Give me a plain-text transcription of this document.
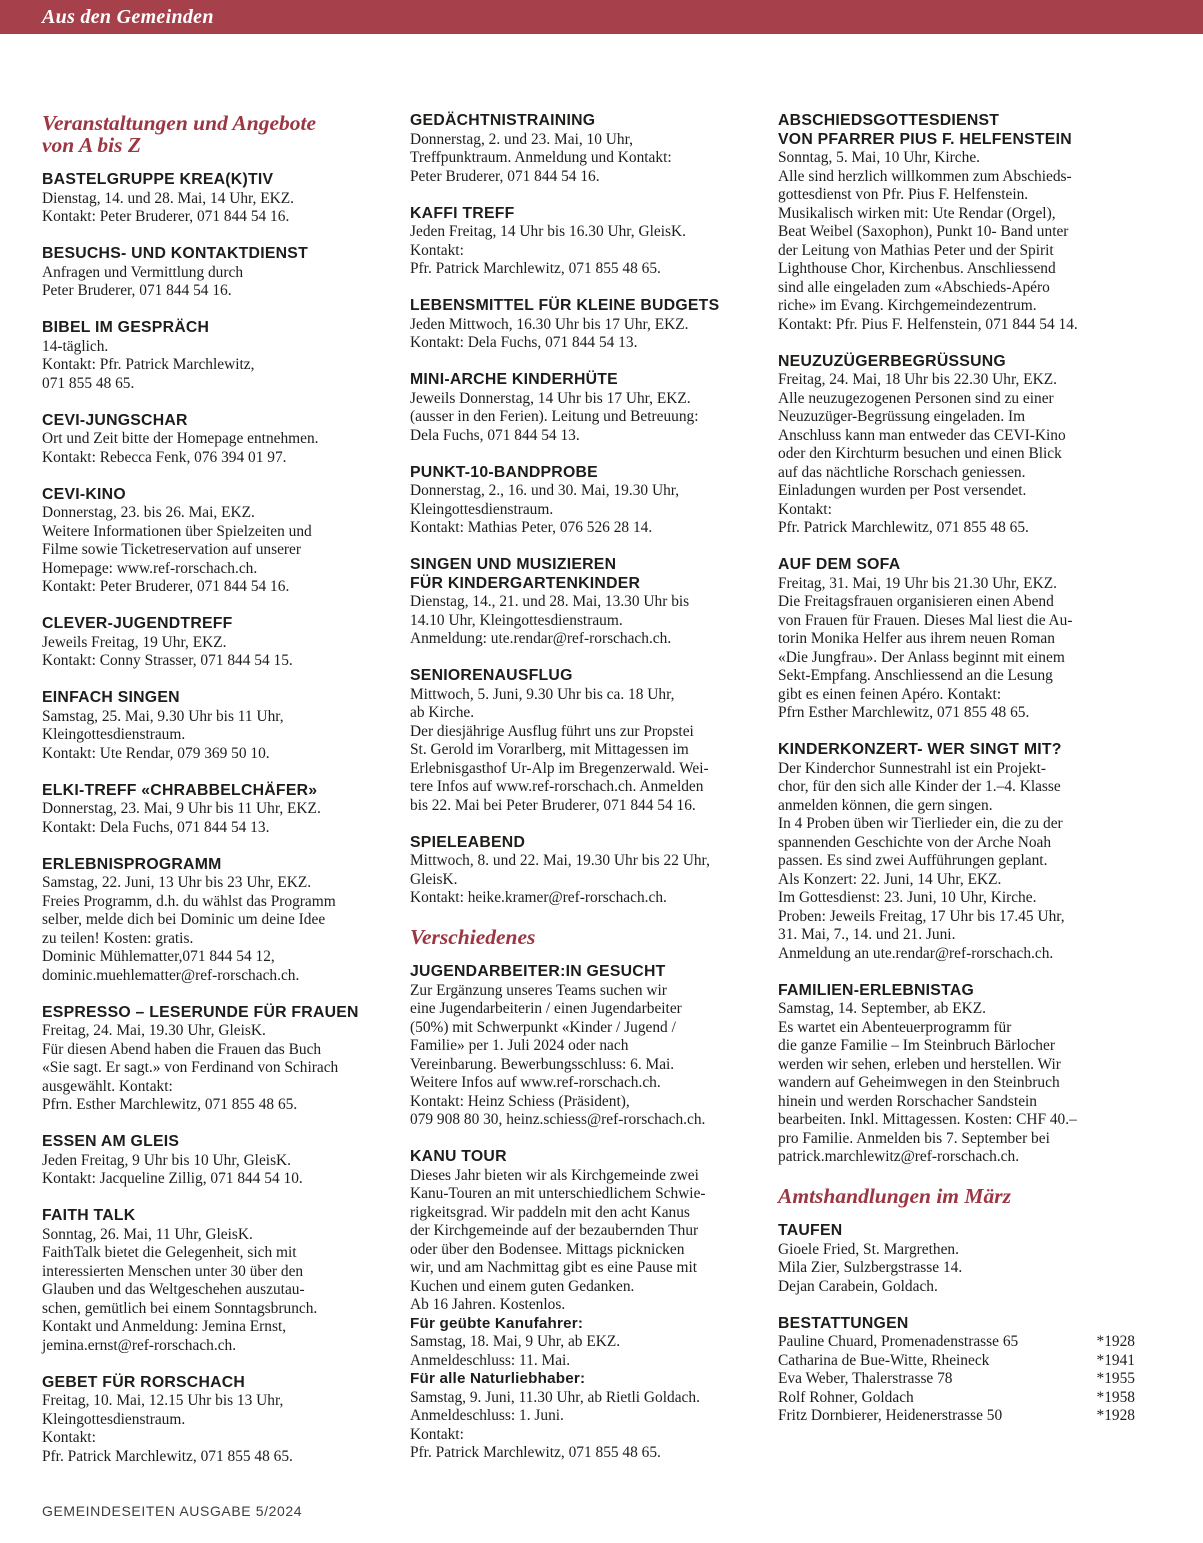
Aus den Gemeinden
Veranstaltungen und Angebote
von A bis Z
BASTELGRUPPE KREA(K)TIV
Dienstag, 14. und 28. Mai, 14 Uhr, EKZ.
Kontakt: Peter Bruderer, 071 844 54 16.
BESUCHS- UND KONTAKTDIENST
Anfragen und Vermittlung durch
Peter Bruderer, 071 844 54 16.
BIBEL IM GESPRÄCH
14-täglich.
Kontakt: Pfr. Patrick Marchlewitz,
071 855 48 65.
CEVI-JUNGSCHAR
Ort und Zeit bitte der Homepage entnehmen.
Kontakt: Rebecca Fenk, 076 394 01 97.
CEVI-KINO
Donnerstag, 23. bis 26. Mai, EKZ.
Weitere Informationen über Spielzeiten und
Filme sowie Ticketreservation auf unserer
Homepage: www.ref-rorschach.ch.
Kontakt: Peter Bruderer, 071 844 54 16.
CLEVER-JUGENDTREFF
Jeweils Freitag, 19 Uhr, EKZ.
Kontakt: Conny Strasser, 071 844 54 15.
EINFACH SINGEN
Samstag, 25. Mai, 9.30 Uhr bis 11 Uhr,
Kleingottesdienstraum.
Kontakt: Ute Rendar, 079 369 50 10.
ELKI-TREFF «CHRABBELCHÄFER»
Donnerstag, 23. Mai, 9 Uhr bis 11 Uhr, EKZ.
Kontakt: Dela Fuchs, 071 844 54 13.
ERLEBNISPROGRAMM
Samstag, 22. Juni, 13 Uhr bis 23 Uhr, EKZ.
Freies Programm, d.h. du wählst das Programm
selber, melde dich bei Dominic um deine Idee
zu teilen! Kosten: gratis.
Dominic Mühlematter,071 844 54 12,
dominic.muehlematter@ref-rorschach.ch.
ESPRESSO – LESERUNDE FÜR FRAUEN
Freitag, 24. Mai, 19.30 Uhr, GleisK.
Für diesen Abend haben die Frauen das Buch
«Sie sagt. Er sagt.» von Ferdinand von Schirach
ausgewählt. Kontakt:
Pfrn. Esther Marchlewitz, 071 855 48 65.
ESSEN AM GLEIS
Jeden Freitag, 9 Uhr bis 10 Uhr, GleisK.
Kontakt: Jacqueline Zillig, 071 844 54 10.
FAITH TALK
Sonntag, 26. Mai, 11 Uhr, GleisK.
FaithTalk bietet die Gelegenheit, sich mit
interessierten Menschen unter 30 über den
Glauben und das Weltgeschehen auszutau-
schen, gemütlich bei einem Sonntagsbrunch.
Kontakt und Anmeldung: Jemina Ernst,
jemina.ernst@ref-rorschach.ch.
GEBET FÜR RORSCHACH
Freitag, 10. Mai, 12.15 Uhr bis 13 Uhr,
Kleingottesdienstraum.
Kontakt:
Pfr. Patrick Marchlewitz, 071 855 48 65.
GEDÄCHTNISTRAINING
Donnerstag, 2. und 23. Mai, 10 Uhr,
Treffpunktraum. Anmeldung und Kontakt:
Peter Bruderer, 071 844 54 16.
KAFFI TREFF
Jeden Freitag, 14 Uhr bis 16.30 Uhr, GleisK.
Kontakt:
Pfr. Patrick Marchlewitz, 071 855 48 65.
LEBENSMITTEL FÜR KLEINE BUDGETS
Jeden Mittwoch, 16.30 Uhr bis 17 Uhr, EKZ.
Kontakt: Dela Fuchs, 071 844 54 13.
MINI-ARCHE KINDERHÜTE
Jeweils Donnerstag, 14 Uhr bis 17 Uhr, EKZ.
(ausser in den Ferien). Leitung und Betreuung:
Dela Fuchs, 071 844 54 13.
PUNKT-10-BANDPROBE
Donnerstag, 2., 16. und 30. Mai, 19.30 Uhr,
Kleingottesdienstraum.
Kontakt: Mathias Peter, 076 526 28 14.
SINGEN UND MUSIZIEREN
FÜR KINDERGARTENKINDER
Dienstag, 14., 21. und 28. Mai, 13.30 Uhr bis
14.10 Uhr, Kleingottesdienstraum.
Anmeldung: ute.rendar@ref-rorschach.ch.
SENIORENAUSFLUG
Mittwoch, 5. Juni, 9.30 Uhr bis ca. 18 Uhr,
ab Kirche.
Der diesjährige Ausflug führt uns zur Propstei
St. Gerold im Vorarlberg, mit Mittagessen im
Erlebnisgasthof Ur-Alp im Bregenzerwald. Wei-
tere Infos auf www.ref-rorschach.ch. Anmelden
bis 22. Mai bei Peter Bruderer, 071 844 54 16.
SPIELEABEND
Mittwoch, 8. und 22. Mai, 19.30 Uhr bis 22 Uhr,
GleisK.
Kontakt: heike.kramer@ref-rorschach.ch.
Verschiedenes
JUGENDARBEITER:IN GESUCHT
Zur Ergänzung unseres Teams suchen wir
eine Jugendarbeiterin / einen Jugendarbeiter
(50%) mit Schwerpunkt «Kinder / Jugend /
Familie» per 1. Juli 2024 oder nach
Vereinbarung. Bewerbungsschluss: 6. Mai.
Weitere Infos auf www.ref-rorschach.ch.
Kontakt: Heinz Schiess (Präsident),
079 908 80 30, heinz.schiess@ref-rorschach.ch.
KANU TOUR
Dieses Jahr bieten wir als Kirchgemeinde zwei
Kanu-Touren an mit unterschiedlichem Schwie-
rigkeitsgrad. Wir paddeln mit den acht Kanus
der Kirchgemeinde auf der bezaubernden Thur
oder über den Bodensee. Mittags picknicken
wir, und am Nachmittag gibt es eine Pause mit
Kuchen und einem guten Gedanken.
Ab 16 Jahren. Kostenlos.
Für geübte Kanufahrer:
Samstag, 18. Mai, 9 Uhr, ab EKZ.
Anmeldeschluss: 11. Mai.
Für alle Naturliebhaber:
Samstag, 9. Juni, 11.30 Uhr, ab Rietli Goldach.
Anmeldeschluss: 1. Juni.
Kontakt:
Pfr. Patrick Marchlewitz, 071 855 48 65.
ABSCHIEDSGOTTESDIENST
VON PFARRER PIUS F. HELFENSTEIN
Sonntag, 5. Mai, 10 Uhr, Kirche.
Alle sind herzlich willkommen zum Abschieds-
gottesdienst von Pfr. Pius F. Helfenstein.
Musikalisch wirken mit: Ute Rendar (Orgel),
Beat Weibel (Saxophon), Punkt 10- Band unter
der Leitung von Mathias Peter und der Spirit
Lighthouse Chor, Kirchenbus. Anschliessend
sind alle eingeladen zum «Abschieds-Apéro
riche» im Evang. Kirchgemeindezentrum.
Kontakt: Pfr. Pius F. Helfenstein, 071 844 54 14.
NEUZUZÜGERBEGRÜSSUNG
Freitag, 24. Mai, 18 Uhr bis 22.30 Uhr, EKZ.
Alle neuzugezogenen Personen sind zu einer
Neuzuzüger-Begrüssung eingeladen. Im
Anschluss kann man entweder das CEVI-Kino
oder den Kirchturm besuchen und einen Blick
auf das nächtliche Rorschach geniessen.
Einladungen wurden per Post versendet.
Kontakt:
Pfr. Patrick Marchlewitz, 071 855 48 65.
AUF DEM SOFA
Freitag, 31. Mai, 19 Uhr bis 21.30 Uhr, EKZ.
Die Freitagsfrauen organisieren einen Abend
von Frauen für Frauen. Dieses Mal liest die Au-
torin Monika Helfer aus ihrem neuen Roman
«Die Jungfrau». Der Anlass beginnt mit einem
Sekt-Empfang. Anschliessend an die Lesung
gibt es einen feinen Apéro. Kontakt:
Pfrn Esther Marchlewitz, 071 855 48 65.
KINDERKONZERT- WER SINGT MIT?
Der Kinderchor Sunnestrahl ist ein Projekt-
chor, für den sich alle Kinder der 1.–4. Klasse
anmelden können, die gern singen.
In 4 Proben üben wir Tierlieder ein, die zu der
spannenden Geschichte von der Arche Noah
passen. Es sind zwei Aufführungen geplant.
Als Konzert: 22. Juni, 14 Uhr, EKZ.
Im Gottesdienst: 23. Juni, 10 Uhr, Kirche.
Proben: Jeweils Freitag, 17 Uhr bis 17.45 Uhr,
31. Mai, 7., 14. und 21. Juni.
Anmeldung an ute.rendar@ref-rorschach.ch.
FAMILIEN-ERLEBNISTAG
Samstag, 14. September, ab EKZ.
Es wartet ein Abenteuerprogramm für
die ganze Familie – Im Steinbruch Bärlocher
werden wir sehen, erleben und herstellen. Wir
wandern auf Geheimwegen in den Steinbruch
hinein und werden Rorschacher Sandstein
bearbeiten. Inkl. Mittagessen. Kosten: CHF 40.–
pro Familie. Anmelden bis 7. September bei
patrick.marchlewitz@ref-rorschach.ch.
Amtshandlungen im März
TAUFEN
Gioele Fried, St. Margrethen.
Mila Zier, Sulzbergstrasse 14.
Dejan Carabein, Goldach.
BESTATTUNGEN
Pauline Chuard, Promenadenstrasse 65	*1928
Catharina de Bue-Witte, Rheineck	*1941
Eva Weber, Thalerstrasse 78	*1955
Rolf Rohner, Goldach	*1958
Fritz Dornbierer, Heidenerstrasse 50	*1928
GEMEINDESEITEN AUSGABE 5/2024
